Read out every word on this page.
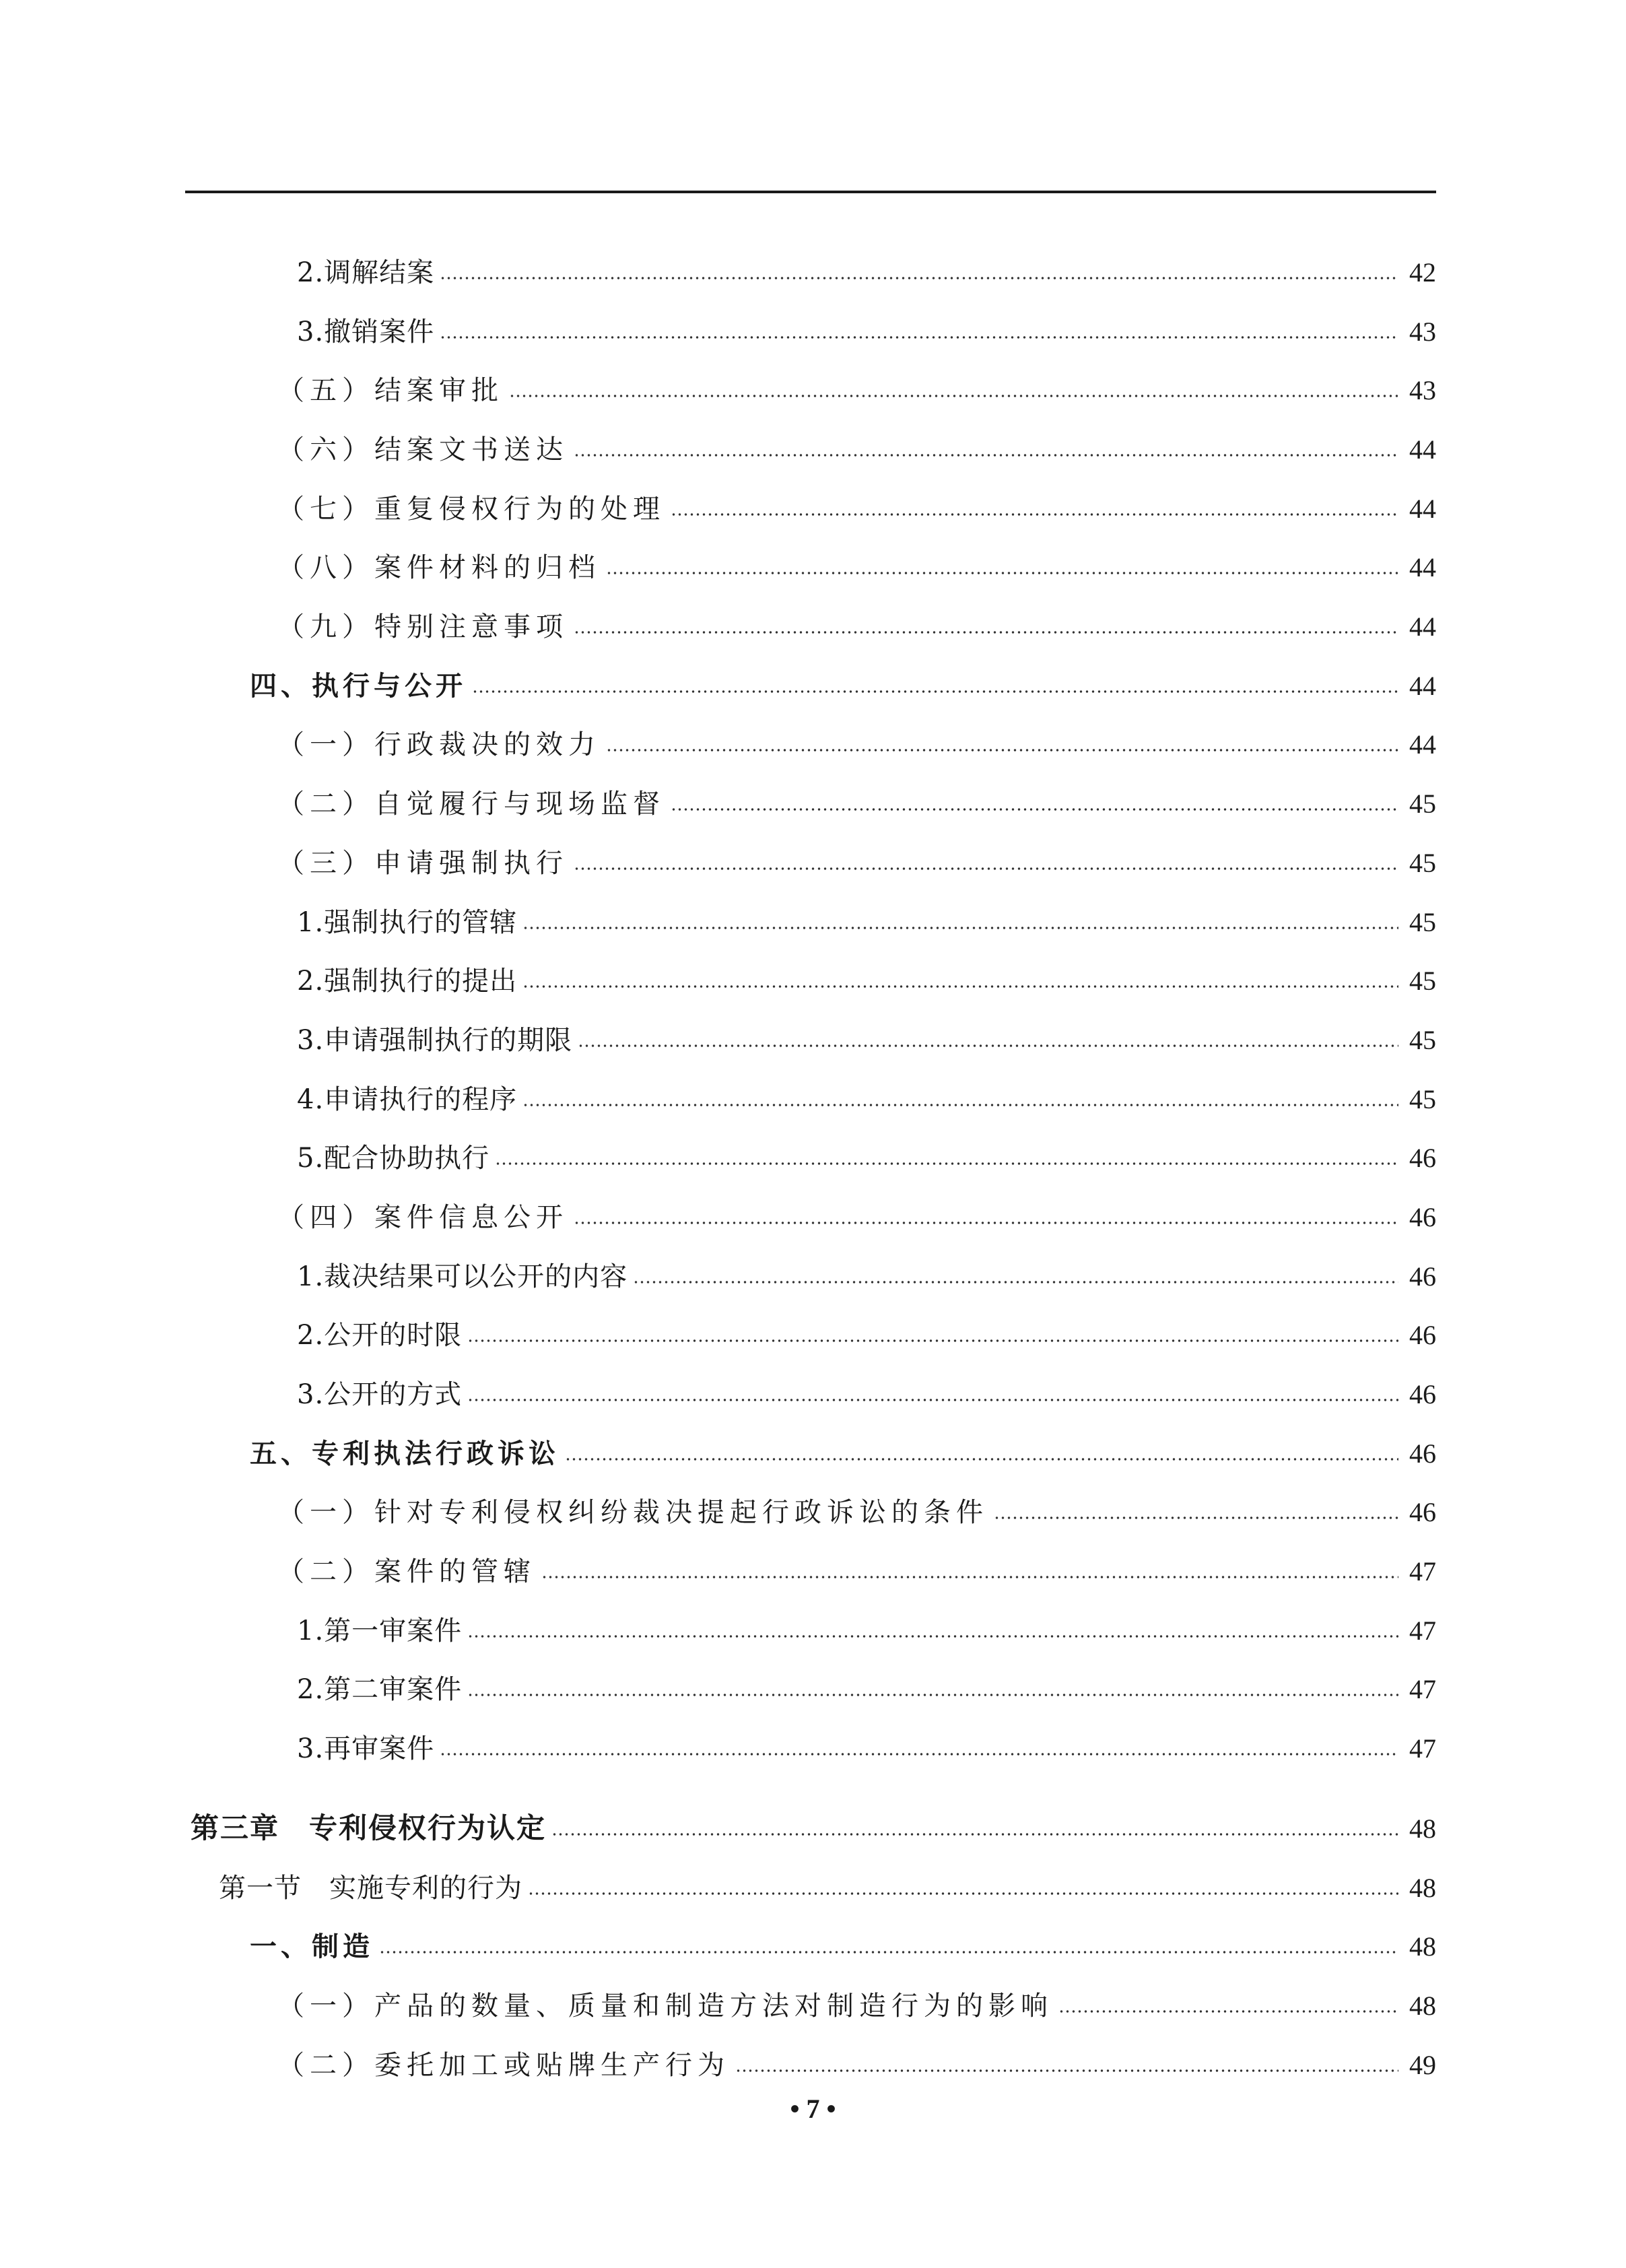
2.调解结案	42
3.撤销案件	43
（五）结案审批	43
（六）结案文书送达	44
（七）重复侵权行为的处理	44
（八）案件材料的归档	44
（九）特别注意事项	44
四、执行与公开	44
（一）行政裁决的效力	44
（二）自觉履行与现场监督	45
（三）申请强制执行	45
1.强制执行的管辖	45
2.强制执行的提出	45
3.申请强制执行的期限	45
4.申请执行的程序	45
5.配合协助执行	46
（四）案件信息公开	46
1.裁决结果可以公开的内容	46
2.公开的时限	46
3.公开的方式	46
五、专利执法行政诉讼	46
（一）针对专利侵权纠纷裁决提起行政诉讼的条件	46
（二）案件的管辖	47
1.第一审案件	47
2.第二审案件	47
3.再审案件	47
第三章　专利侵权行为认定	48
第一节　实施专利的行为	48
一、制造	48
（一）产品的数量、质量和制造方法对制造行为的影响	48
（二）委托加工或贴牌生产行为	49
• 7 •
